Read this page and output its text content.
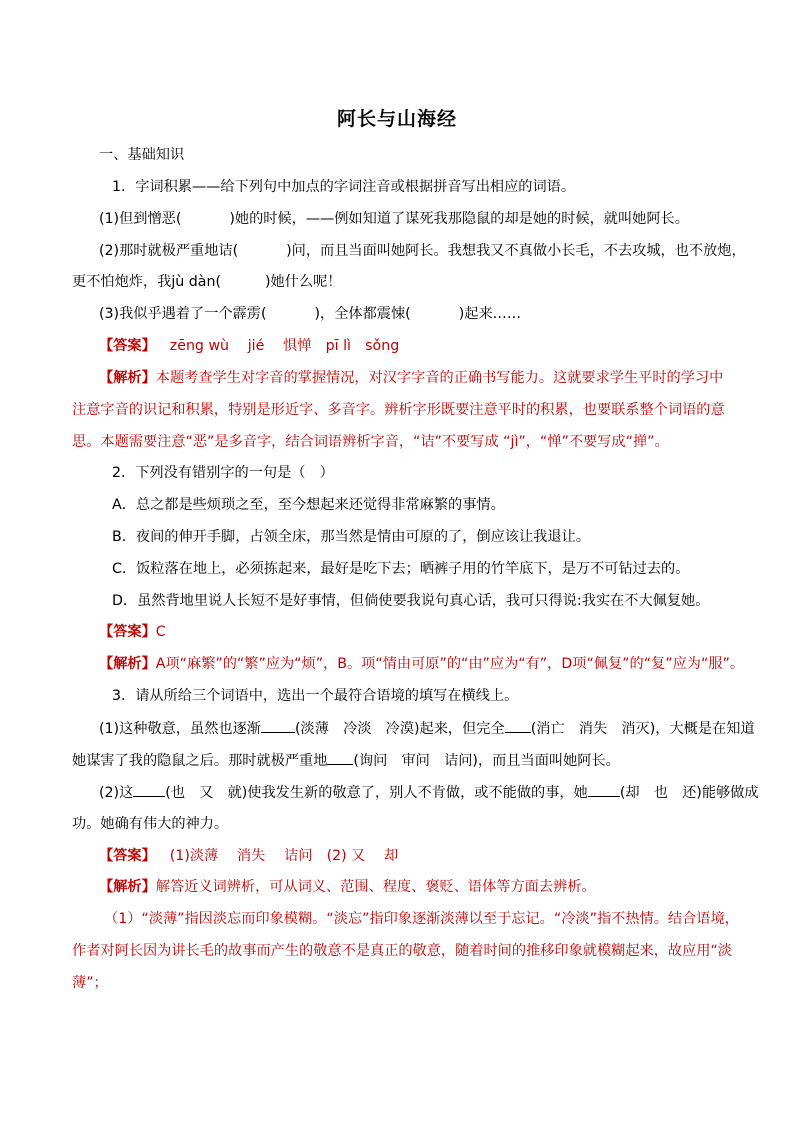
阿长与山海经
一、基础知识
1．字词积累——给下列句中加点的字词注音或根据拼音写出相应的词语。
(1)但到憎恶(	)她的时候，——例如知道了谋死我那隐鼠的却是她的时候，就叫她阿长。
(2)那时就极严重地诘(	)问，而且当面叫她阿长。我想我又不真做小长毛，不去攻城，也不放炮，
更不怕炮炸，我jù dàn(	)她什么呢！
(3)我似乎遇着了一个霹雳(	)，全体都震悚(	)起来……
【答案】 zēng wù　 jié　 惧惮　pī lì　sǒng
【解析】本题考查学生对字音的掌握情况，对汉字字音的正确书写能力。这就要求学生平时的学习中
注意字音的识记和积累，特别是形近字、多音字。辨析字形既要注意平时的积累，也要联系整个词语的意
思。本题需要注意“恶”是多音字，结合词语辨析字音，“诘”不要写成 “jì”，“惮”不要写成“掸”。
2．下列没有错别字的一句是（　）
A．总之都是些烦琐之至，至今想起来还觉得非常麻繁的事情。
B．夜间的伸开手脚，占领全床，那当然是情由可原的了，倒应该让我退让。
C．饭粒落在地上，必须拣起来，最好是吃下去；晒裤子用的竹竿底下，是万不可钻过去的。
D．虽然背地里说人长短不是好事情，但倘使要我说句真心话，我可只得说:我实在不大佩复她。
【答案】C
【解析】A项“麻繁”的“繁”应为“烦”，B。项“情由可原”的“由”应为“有”，D项“佩复”的“复”应为“服”。
3．请从所给三个词语中，选出一个最符合语境的填写在横线上。
(1)这种敬意，虽然也逐渐 (淡薄　冷淡　冷漠)起来，但完全 (消亡　消失　消灭)，大概是在知道
她谋害了我的隐鼠之后。那时就极严重地 (询问　审问　诘问)，而且当面叫她阿长。
(2)这 (也　又　就)使我发生新的敬意了，别人不肯做，或不能做的事，她 (却　也　还)能够做成
功。她确有伟大的神力。
【答案】 (1)淡薄　 消失　 诘问　(2) 又　 却
【解析】解答近义词辨析，可从词义、范围、程度、褒贬、语体等方面去辨析。
（1）“淡薄”指因淡忘而印象模糊。“淡忘”指印象逐渐淡薄以至于忘记。“冷淡”指不热情。结合语境，
作者对阿长因为讲长毛的故事而产生的敬意不是真正的敬意，随着时间的推移印象就模糊起来，故应用“淡
薄”；
